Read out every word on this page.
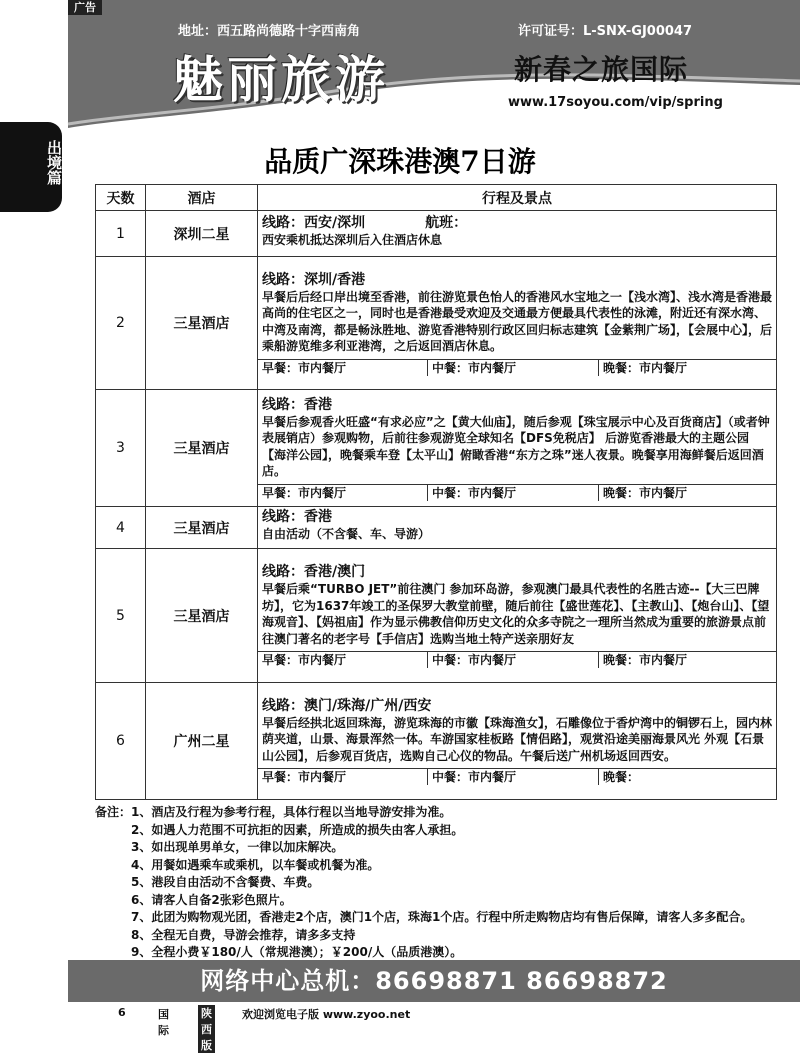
地址：西五路尚德路十字西南角	许可证号：L-SNX-GJ00047
魅丽旅游	新春之旅国际
www.17soyou.com/vip/spring
广告
出境篇	品质广深珠港澳7日游
天数	酒店	行程及景点
1	深圳二星	线路：西安/深圳 航班：
西安乘机抵达深圳后入住酒店休息

2	三星酒店	线路：深圳/香港
早餐后后经口岸出境至香港，前往游览景色怡人的香港风水宝地之一【浅水湾】、浅水湾是香港最高尚的住宅区之一，同时也是香港最受欢迎及交通最方便最具代表性的泳滩，附近还有深水湾、中湾及南湾，都是畅泳胜地、游览香港特别行政区回归标志建筑【金紫荆广场】，【会展中心】，后乘船游览维多利亚港湾，之后返回酒店休息。
早餐：市内餐厅 中餐：市内餐厅 晚餐：市内餐厅

3	三星酒店	线路：香港
早餐后参观香火旺盛“有求必应”之【黄大仙庙】，随后参观【珠宝展示中心及百货商店】（或者钟表展销店）参观购物，后前往参观游览全球知名【DFS免税店】 后游览香港最大的主题公园【海洋公园】，晚餐乘车登【太平山】俯瞰香港“东方之珠”迷人夜景。晚餐享用海鲜餐后返回酒店。
早餐：市内餐厅 中餐：市内餐厅 晚餐：市内餐厅

4	三星酒店	线路：香港
自由活动（不含餐、车、导游）

5	三星酒店	线路：香港/澳门
早餐后乘“TURBO JET”前往澳门 参加环岛游，参观澳门最具代表性的名胜古迹--【大三巴牌坊】，它为1637年竣工的圣保罗大教堂前壁，随后前往【盛世莲花】、【主教山】、【炮台山】、【望海观音】、【妈祖庙】作为显示佛教信仰历史文化的众多寺院之一理所当然成为重要的旅游景点前往澳门著名的老字号【手信店】选购当地土特产送亲朋好友
早餐：市内餐厅 中餐：市内餐厅 晚餐：市内餐厅

6	广州二星	线路：澳门/珠海/广州/西安
早餐后经拱北返回珠海，游览珠海的市徽【珠海渔女】，石雕像位于香炉湾中的铜锣石上，园内林荫夹道，山景、海景浑然一体。车游国家桂板路【情侣路】，观赏沿途美丽海景风光 外观【石景山公园】，后参观百货店，选购自己心仪的物品。午餐后送广州机场返回西安。
早餐：市内餐厅 中餐：市内餐厅 晚餐：
备注： 1、酒店及行程为参考行程，具体行程以当地导游安排为准。
2、如遇人力范围不可抗拒的因素，所造成的损失由客人承担。
3、如出现单男单女，一律以加床解决。
4、用餐如遇乘车或乘机，以车餐或机餐为准。
5、港段自由活动不含餐费、车费。
6、请客人自备2张彩色照片。
7、此团为购物观光团，香港走2个店，澳门1个店，珠海1个店。行程中所走购物店均有售后保障，请客人多多配合。
8、全程无自费，导游会推荐，请多多支持
9、全程小费￥180/人（常规港澳）；￥200/人（品质港澳）。
网络中心总机：86698871 86698872
6	国际
陕西版
欢迎浏览电子版 www.zyoo.net
